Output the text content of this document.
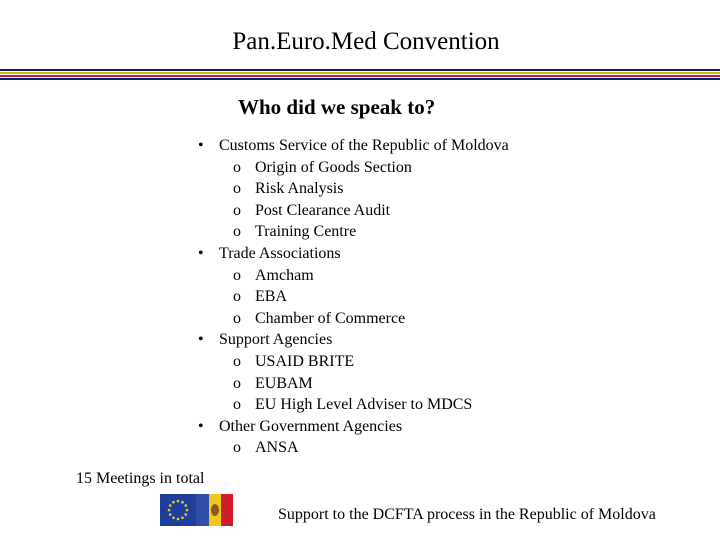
Pan.Euro.Med Convention
Who did we speak to?
• Customs Service of the Republic of Moldova
o Origin of Goods Section
o Risk Analysis
o Post Clearance Audit
o Training Centre
• Trade Associations
o Amcham
o EBA
o Chamber of Commerce
• Support Agencies
o USAID BRITE
o EUBAM
o EU High Level Adviser to MDCS
• Other Government Agencies
o ANSA
15 Meetings in total
Support to the DCFTA process in the Republic of Moldova
